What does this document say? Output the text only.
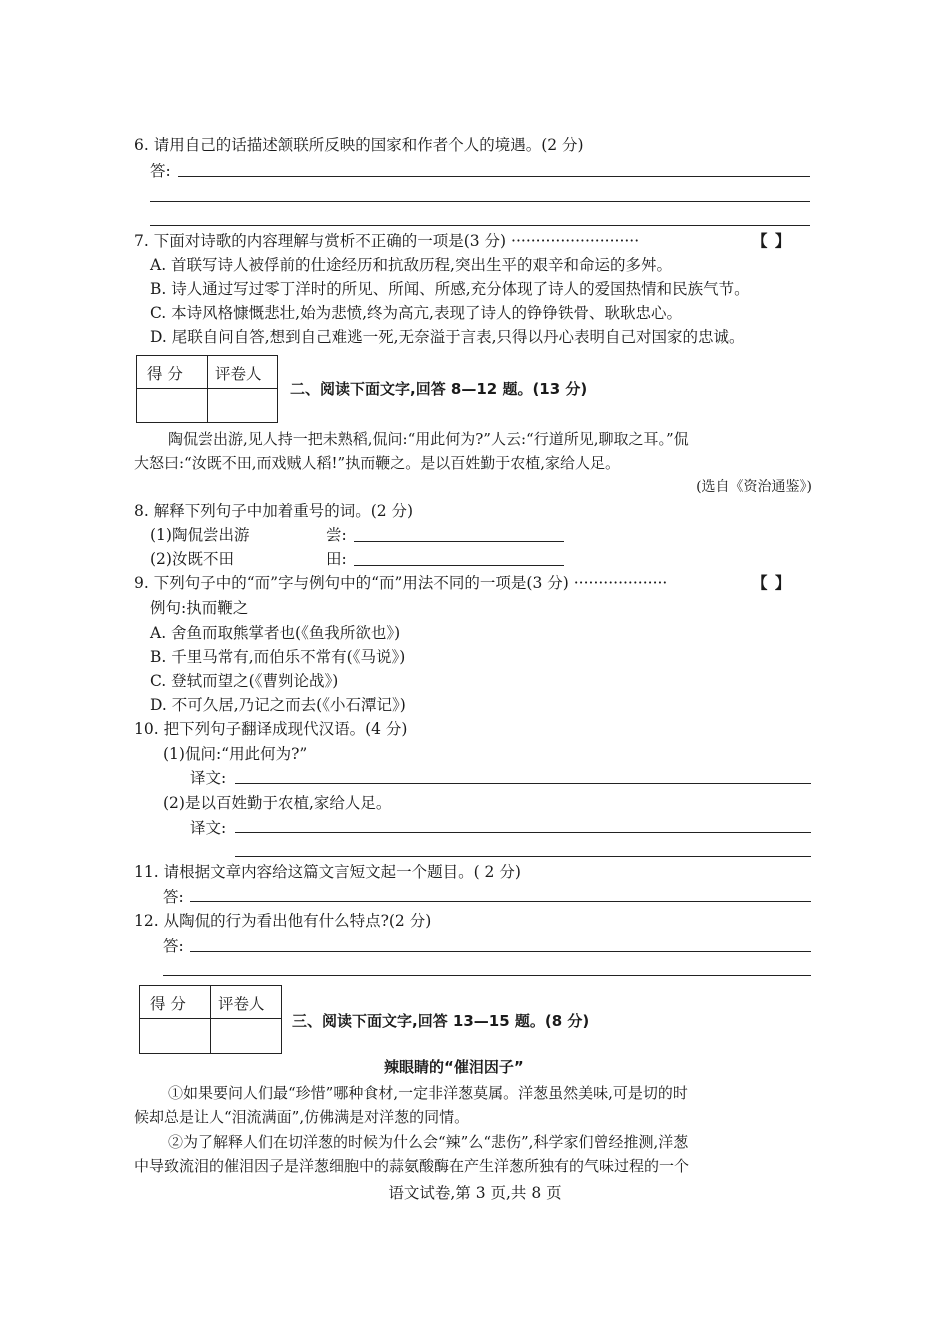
6. 请用自己的话描述颔联所反映的国家和作者个人的境遇。(2 分)
答:
7. 下面对诗歌的内容理解与赏析不正确的一项是(3 分) ··························	【 】
A. 首联写诗人被俘前的仕途经历和抗敌历程,突出生平的艰辛和命运的多舛。
B. 诗人通过写过零丁洋时的所见、所闻、所感,充分体现了诗人的爱国热情和民族气节。
C. 本诗风格慷慨悲壮,始为悲愤,终为高亢,表现了诗人的铮铮铁骨、耿耿忠心。
D. 尾联自问自答,想到自己难逃一死,无奈溢于言表,只得以丹心表明自己对国家的忠诚。
得 分 评卷人
二、阅读下面文字,回答 8—12 题。(13 分)
陶侃尝出游,见人持一把未熟稻,侃问:“用此何为?”人云:“行道所见,聊取之耳。”侃
大怒曰:“汝既不田,而戏贼人稻!”执而鞭之。是以百姓勤于农植,家给人足。
(选自《资治通鉴》)
8. 解释下列句子中加着重号的词。(2 分)
(1)陶侃尝出游	尝:
(2)汝既不田	田:
9. 下列句子中的“而”字与例句中的“而”用法不同的一项是(3 分) ···················	【 】
例句:执而鞭之
A. 舍鱼而取熊掌者也(《鱼我所欲也》)
B. 千里马常有,而伯乐不常有(《马说》)
C. 登轼而望之(《曹刿论战》)
D. 不可久居,乃记之而去(《小石潭记》)
10. 把下列句子翻译成现代汉语。(4 分)
(1)侃问:“用此何为?”
译文:
(2)是以百姓勤于农植,家给人足。
译文:
11. 请根据文章内容给这篇文言短文起一个题目。( 2 分)
答:
12. 从陶侃的行为看出他有什么特点?(2 分)
答:
得 分 评卷人
三、阅读下面文字,回答 13—15 题。(8 分)
辣眼睛的“催泪因子”
①如果要问人们最“珍惜”哪种食材,一定非洋葱莫属。洋葱虽然美味,可是切的时
候却总是让人“泪流满面”,仿佛满是对洋葱的同情。
②为了解释人们在切洋葱的时候为什么会“辣”么“悲伤”,科学家们曾经推测,洋葱
中导致流泪的催泪因子是洋葱细胞中的蒜氨酸酶在产生洋葱所独有的气味过程的一个
语文试卷,第 3 页,共 8 页
